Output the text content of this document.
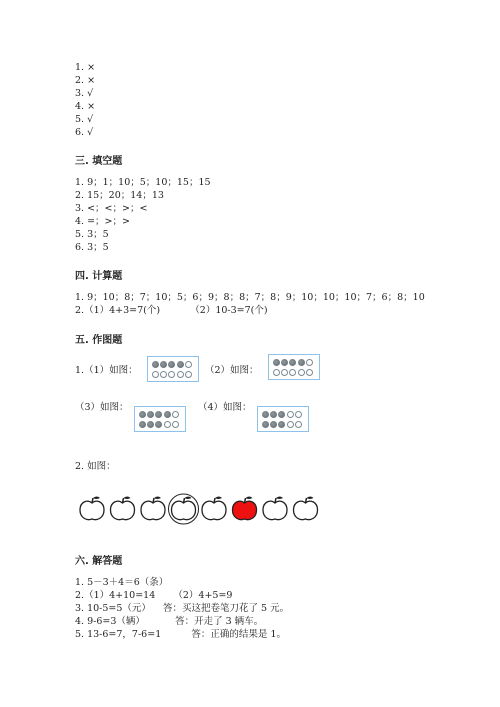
1. ×
2. ×
3. √
4. ×
5. √
6. √
三. 填空题
1. 9；1；10；5；10；15；15
2. 15；20；14；13
3. <；<；>；<
4. =；>；>
5. 3；5
6. 3；5
四. 计算题
1. 9；10；8；7；10；5；6；9；8；8；7；8；9；10；10；10；7；6；8；10
2.（1）4+3=7(个)          （2）10-3=7(个)
五. 作图题
1.（1）如图：	（2）如图：
（3）如图：	（4）如图：
2. 如图：
六. 解答题
1. 5－3＋4＝6（条）
2.（1）4+10=14      （2）4+5=9
3. 10-5=5（元）    答：买这把卷笔刀花了 5 元。
4. 9-6=3（辆）          答：开走了 3 辆车。
5. 13-6=7，7-6=1          答：正确的结果是 1。
